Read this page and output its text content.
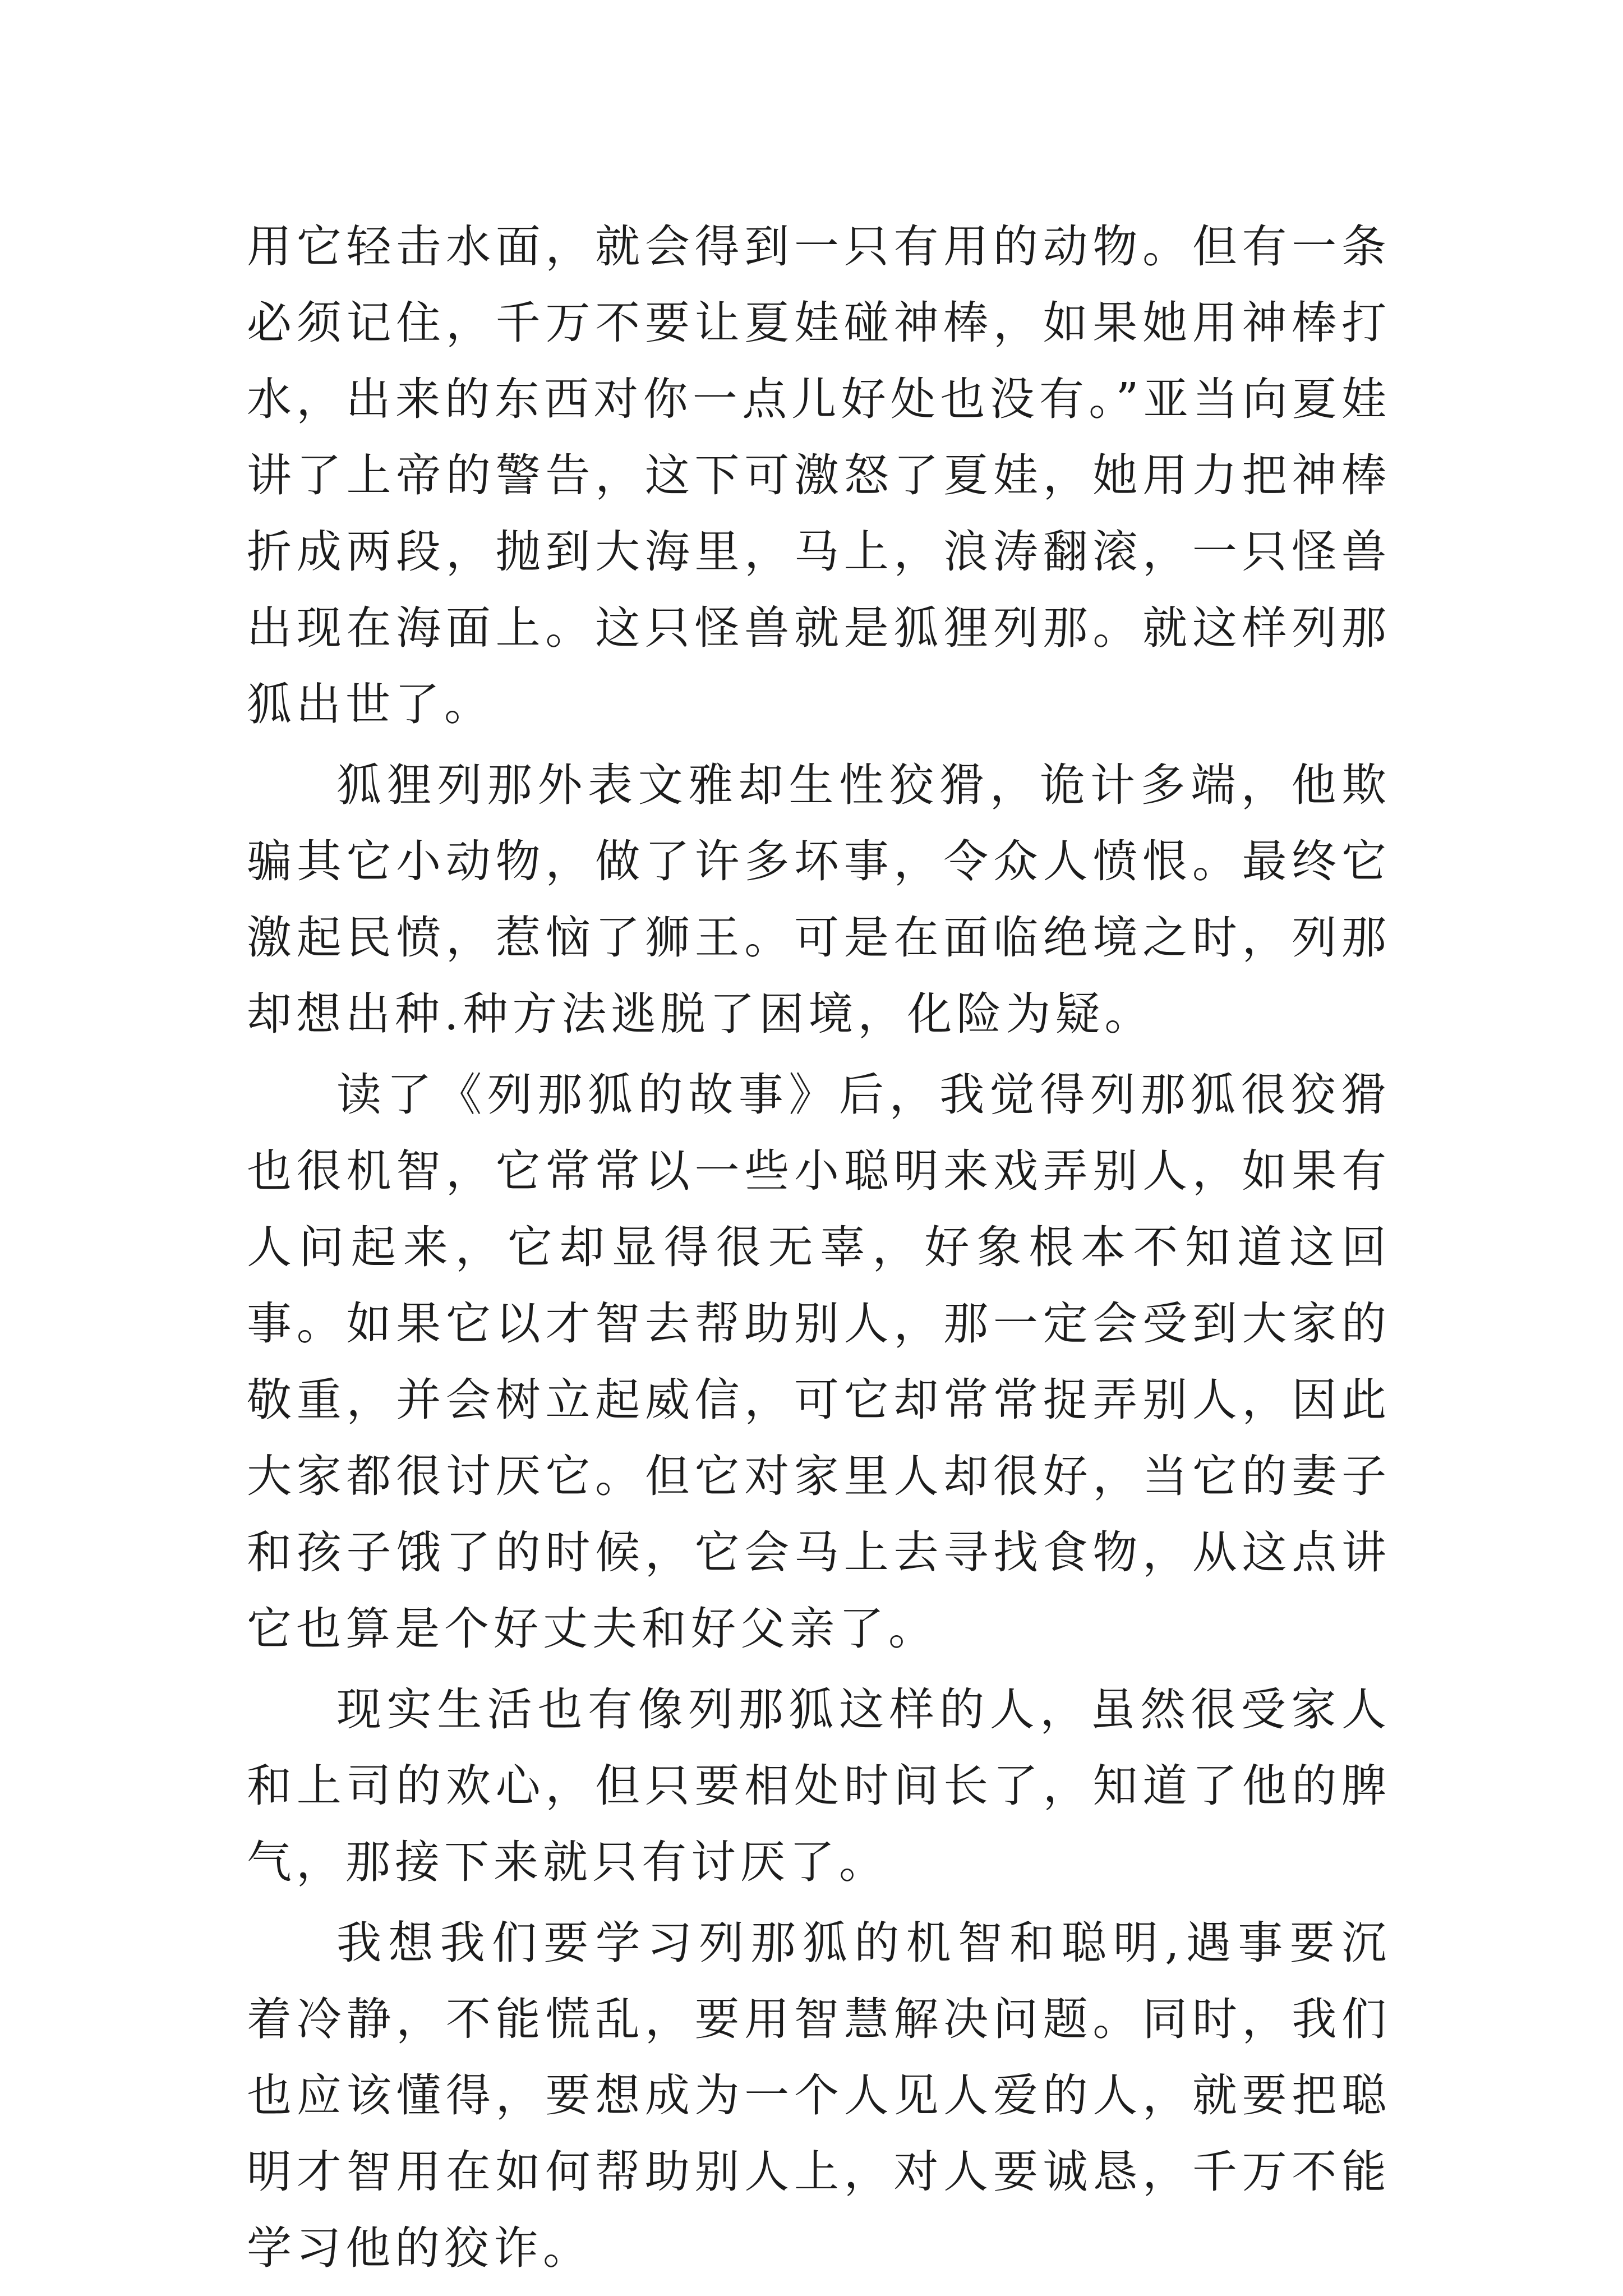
用它轻击水面，就会得到一只有用的动物。但有一条必须记住，千万不要让夏娃碰神棒，如果她用神棒打水，出来的东西对你一点儿好处也没有。”亚当向夏娃讲了上帝的警告，这下可激怒了夏娃，她用力把神棒折成两段，抛到大海里，马上，浪涛翻滚，一只怪兽出现在海面上。这只怪兽就是狐狸列那。就这样列那狐出世了。

狐狸列那外表文雅却生性狡猾，诡计多端，他欺骗其它小动物，做了许多坏事，令众人愤恨。最终它激起民愤，惹恼了狮王。可是在面临绝境之时，列那却想出种.种方法逃脱了困境，化险为疑。

读了《列那狐的故事》后，我觉得列那狐很狡猾也很机智，它常常以一些小聪明来戏弄别人，如果有人问起来，它却显得很无辜，好象根本不知道这回事。如果它以才智去帮助别人，那一定会受到大家的敬重，并会树立起威信，可它却常常捉弄别人，因此大家都很讨厌它。但它对家里人却很好，当它的妻子和孩子饿了的时候，它会马上去寻找食物，从这点讲它也算是个好丈夫和好父亲了。

现实生活也有像列那狐这样的人，虽然很受家人和上司的欢心，但只要相处时间长了，知道了他的脾气，那接下来就只有讨厌了。

我想我们要学习列那狐的机智和聪明,遇事要沉着冷静，不能慌乱，要用智慧解决问题。同时，我们也应该懂得，要想成为一个人见人爱的人，就要把聪明才智用在如何帮助别人上，对人要诚恳，千万不能学习他的狡诈。
